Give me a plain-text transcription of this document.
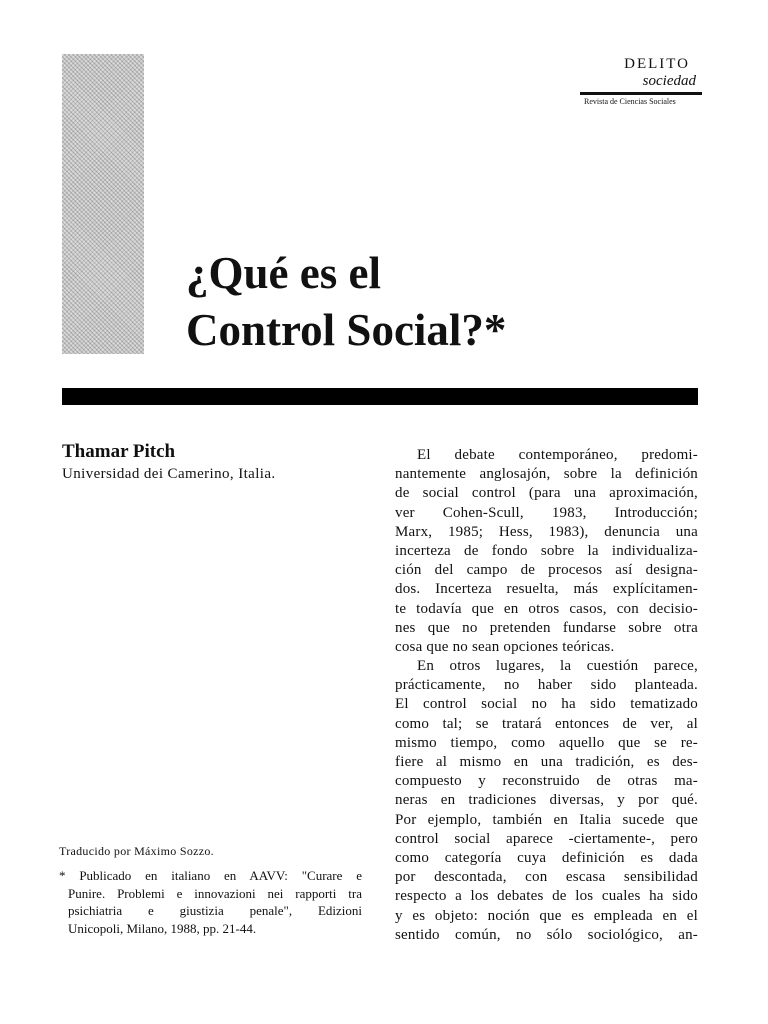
DELITO
sociedad
Revista de Ciencias Sociales
¿Qué es el
Control Social?*
Thamar Pitch
Universidad dei Camerino, Italia.
El debate contemporáneo, predomi-
nantemente anglosajón, sobre la definición
de social control (para una aproximación,
ver Cohen-Scull, 1983, Introducción;
Marx, 1985; Hess, 1983), denuncia una
incerteza de fondo sobre la individualiza-
ción del campo de procesos así designa-
dos. Incerteza resuelta, más explícitamen-
te todavía que en otros casos, con decisio-
nes que no pretenden fundarse sobre otra
cosa que no sean opciones teóricas.
En otros lugares, la cuestión parece,
prácticamente, no haber sido planteada.
El control social no ha sido tematizado
como tal; se tratará entonces de ver, al
mismo tiempo, como aquello que se re-
fiere al mismo en una tradición, es des-
compuesto y reconstruido de otras ma-
neras en tradiciones diversas, y por qué.
Por ejemplo, también en Italia sucede que
control social aparece -ciertamente-, pero
como categoría cuya definición es dada
por descontada, con escasa sensibilidad
respecto a los debates de los cuales ha sido
y es objeto: noción que es empleada en el
sentido común, no sólo sociológico, an-
Traducido por Máximo Sozzo.
* Publicado en italiano en AAVV: "Curare e
Punire. Problemi e innovazioni nei rapporti tra
psichiatria e giustizia penale", Edizioni
Unicopoli, Milano, 1988, pp. 21-44.
